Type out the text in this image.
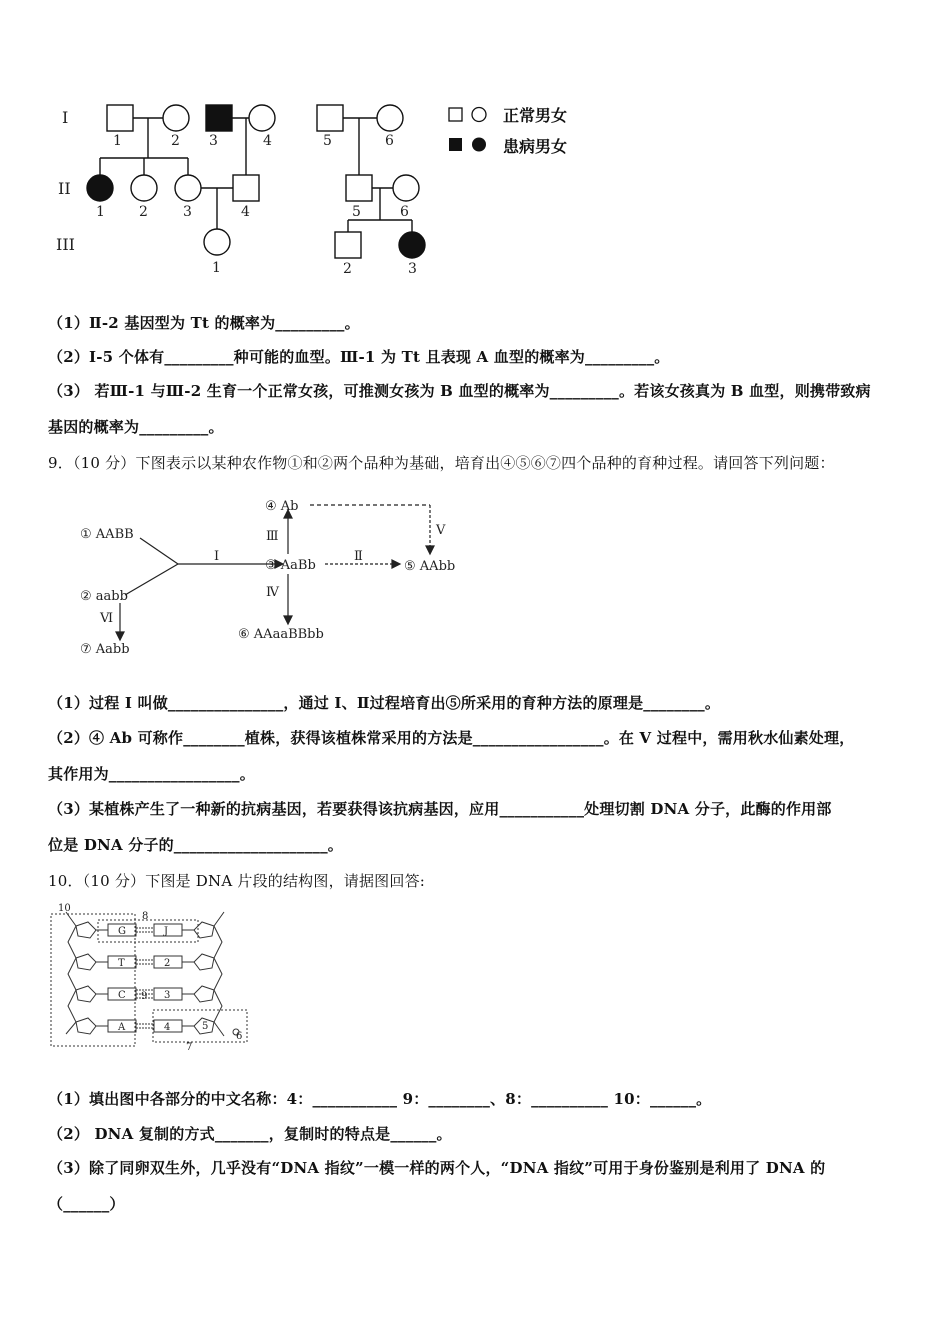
I
II
III
1	2 3	4	5	6
1 2	3	4	5	6
1	2	3
正常男女
患病男女
（1）Ⅱ-2 基因型为 Tt 的概率为_________。
（2）Ⅰ-5 个体有_________种可能的血型。Ⅲ-1 为 Tt 且表现 A 血型的概率为_________。
（3） 若Ⅲ-1 与Ⅲ-2 生育一个正常女孩，可推测女孩为 B 血型的概率为_________。若该女孩真为 B 血型，则携带致病
基因的概率为_________。
9．（10 分）下图表示以某种农作物①和②两个品种为基础，培育出④⑤⑥⑦四个品种的育种过程。请回答下列问题：
① AABB
② aabb
③ AaBb
④ Ab
⑤ AAbb
⑥ AAaaBBbb
⑦ Aabb
Ⅰ	Ⅱ
Ⅲ
Ⅳ
Ⅴ
Ⅵ
（1）过程 I 叫做_______________，通过 I、Ⅱ过程培育出⑤所采用的育种方法的原理是________。
（2）④ Ab 可称作________植株，获得该植株常采用的方法是_________________。在 V 过程中，需用秋水仙素处理，
其作用为_________________。
（3）某植株产生了一种新的抗病基因，若要获得该抗病基因，应用___________处理切割 DNA 分子，此酶的作用部
位是 DNA 分子的____________________。
10．（10 分）下图是 DNA 片段的结构图，请据图回答:
G
T
C
A
J
2
3
4
10
8
9
5
6
7
（1）填出图中各部分的中文名称：4：___________ 9：________、8：__________ 10：______。
（2） DNA 复制的方式_______，复制时的特点是______。
（3）除了同卵双生外，几乎没有“DNA 指纹”一模一样的两个人，“DNA 指纹”可用于身份鉴别是利用了 DNA 的
（______）
